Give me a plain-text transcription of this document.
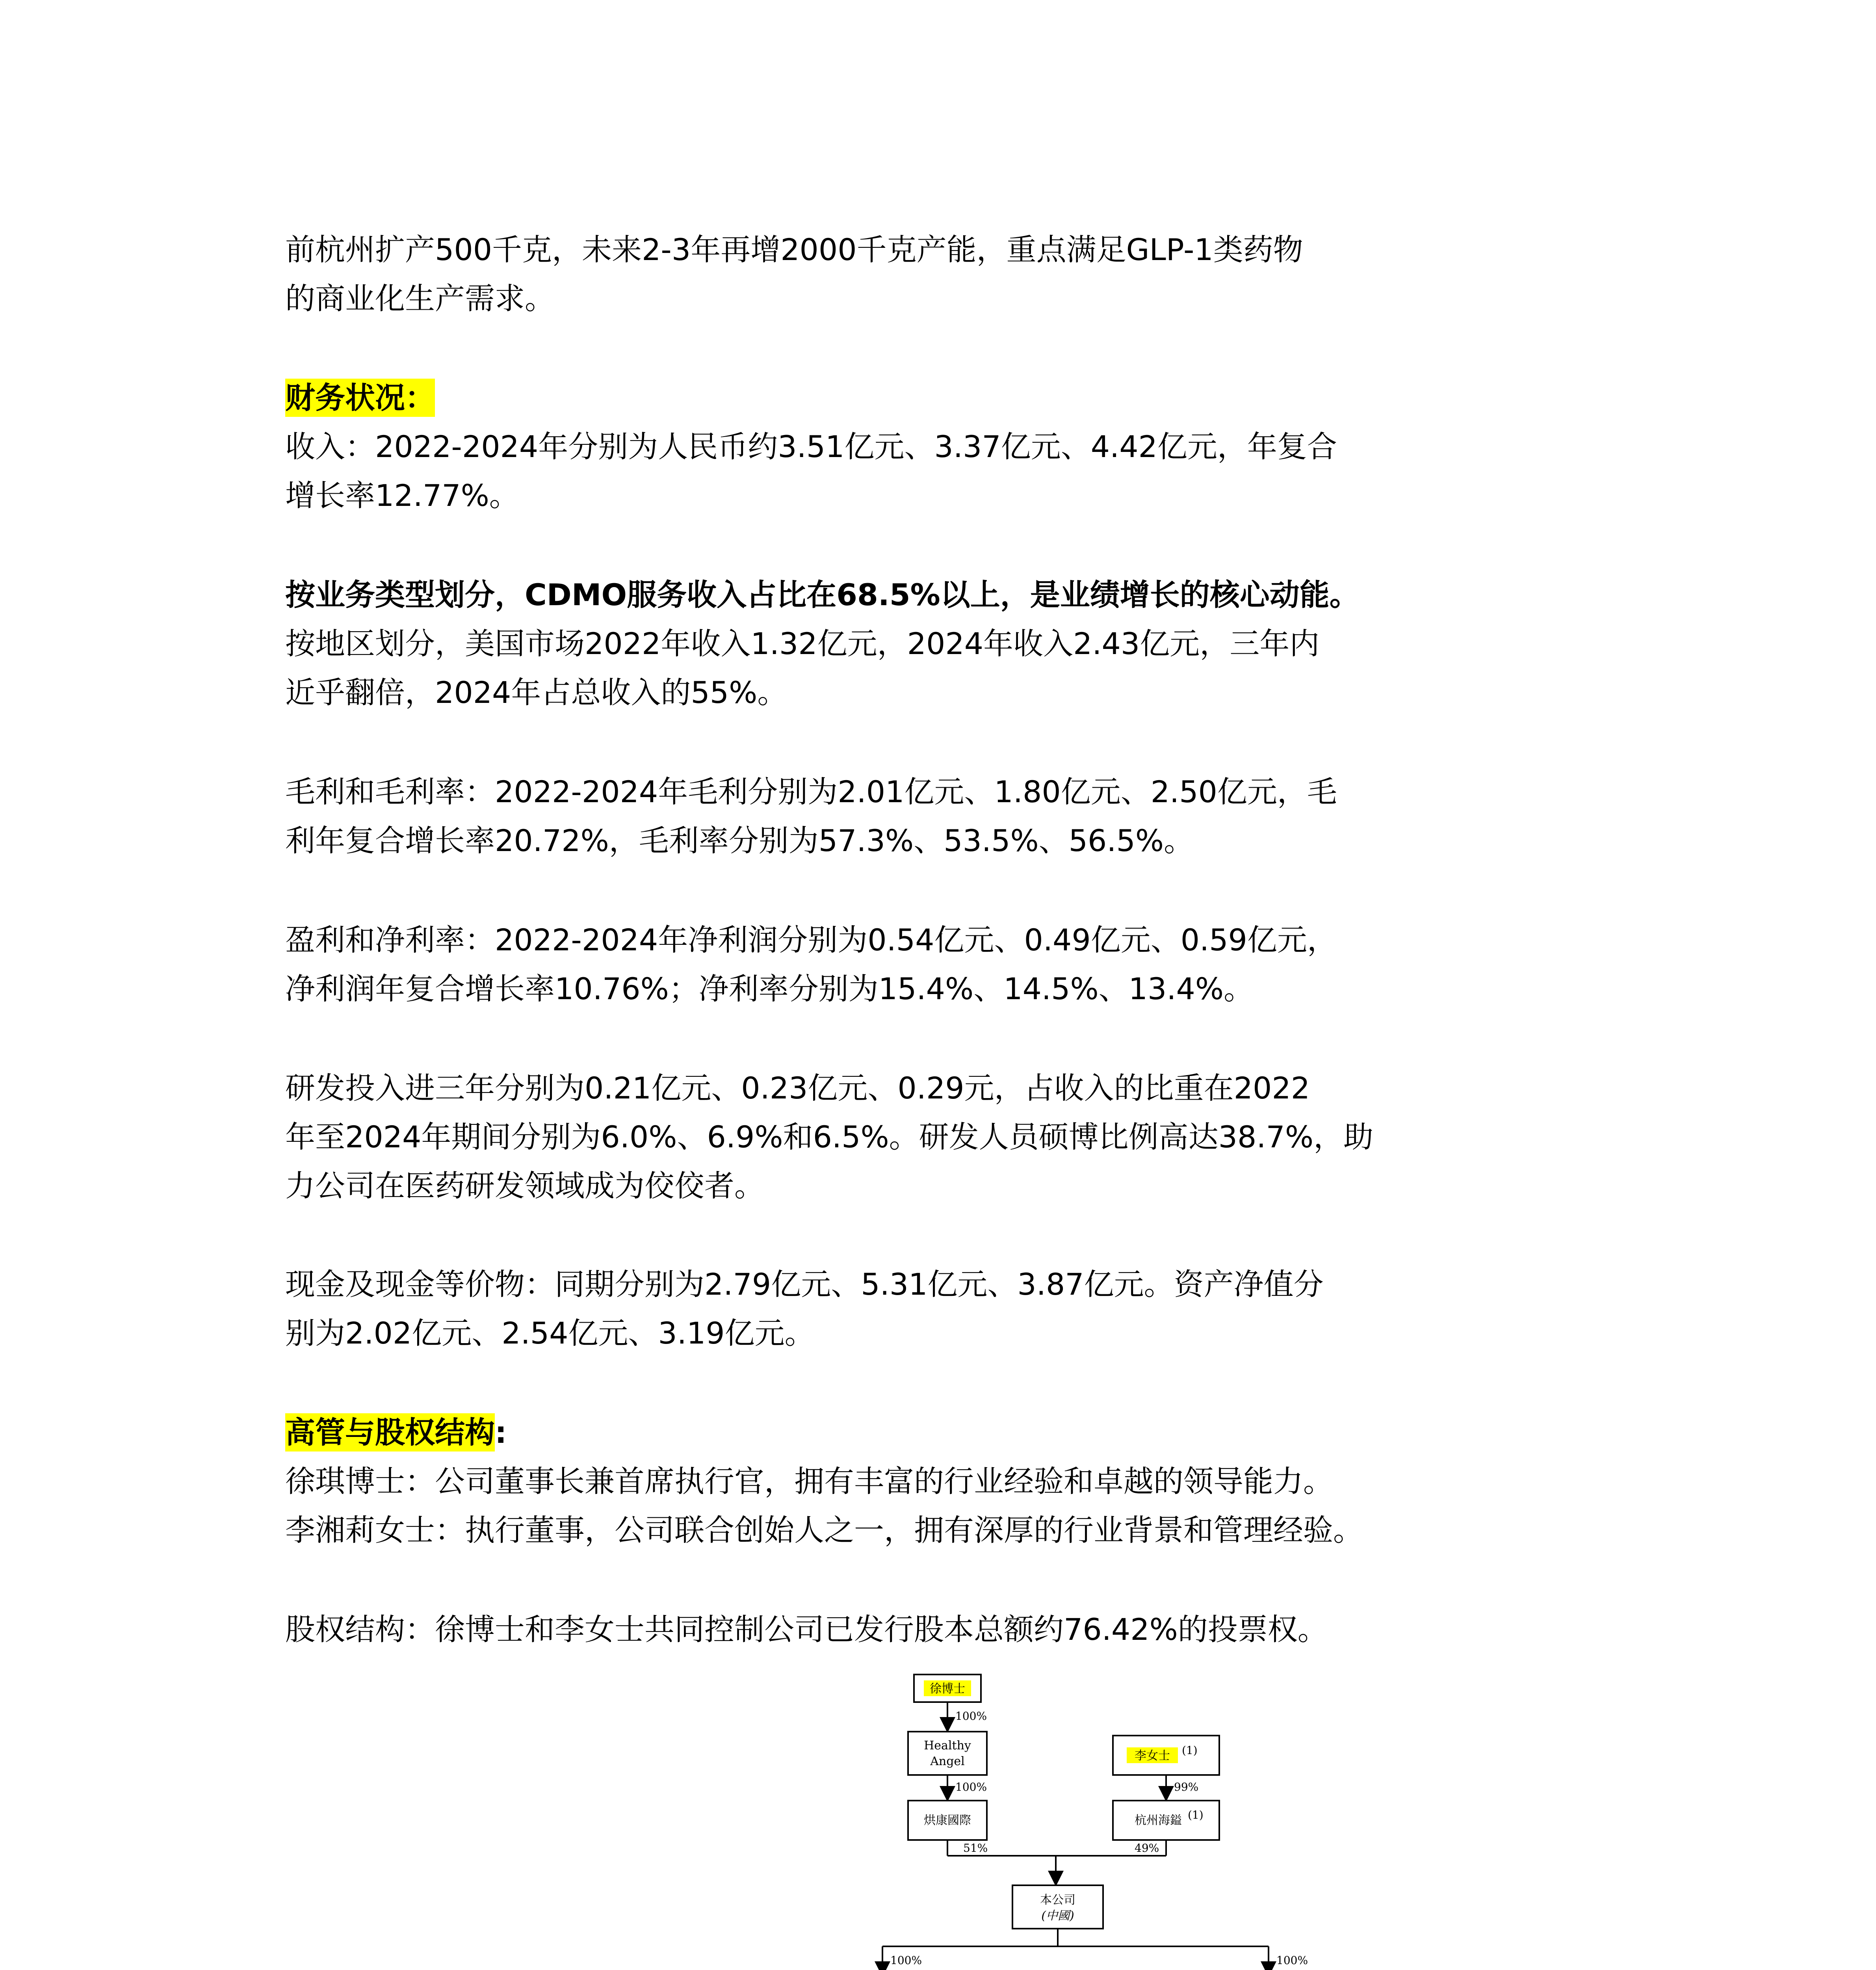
前杭州扩产500千克，未来2-3年再增2000千克产能，重点满足GLP-1类药物
的商业化生产需求。

财务状况：

收入：2022-2024年分别为人民币约3.51亿元、3.37亿元、4.42亿元，年复合
增长率12.77%。

按业务类型划分，CDMO服务收入占比在68.5%以上，是业绩增长的核心动能。

按地区划分，美国市场2022年收入1.32亿元，2024年收入2.43亿元，三年内
近乎翻倍，2024年占总收入的55%。

毛利和毛利率：2022-2024年毛利分别为2.01亿元、1.80亿元、2.50亿元，毛
利年复合增长率20.72%，毛利率分别为57.3%、53.5%、56.5%。

盈利和净利率：2022-2024年净利润分别为0.54亿元、0.49亿元、0.59亿元，
净利润年复合增长率10.76%；净利率分别为15.4%、14.5%、13.4%。

研发投入进三年分别为0.21亿元、0.23亿元、0.29元，占收入的比重在2022
年至2024年期间分别为6.0%、6.9%和6.5%。研发人员硕博比例高达38.7%，助
力公司在医药研发领域成为佼佼者。

现金及现金等价物：同期分别为2.79亿元、5.31亿元、3.87亿元。资产净值分
别为2.02亿元、2.54亿元、3.19亿元。

高管与股权结构:

徐琪博士：公司董事长兼首席执行官，拥有丰富的行业经验和卓越的领导能力。
李湘莉女士：执行董事，公司联合创始人之一，拥有深厚的行业背景和管理经验。

股权结构：徐博士和李女士共同控制公司已发行股本总额约76.42%的投票权。

徐博士
100%
Healthy
Angel
100%
烘康國際
李女士 (1)
99%
杭州海鎰 (1)
51%	49%
本公司
(中國)
100%	100%
